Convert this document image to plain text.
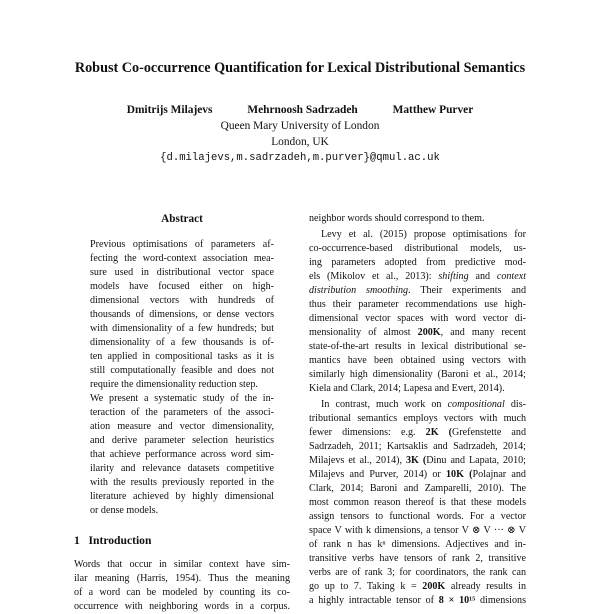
Robust Co-occurrence Quantification for Lexical Distributional Semantics
Dmitrijs Milajevs	Mehrnoosh Sadrzadeh	Matthew Purver
Queen Mary University of London
London, UK
{d.milajevs,m.sadrzadeh,m.purver}@qmul.ac.uk
Abstract
Previous optimisations of parameters af-
fecting the word-context association mea-
sure used in distributional vector space
models have focused either on high-
dimensional vectors with hundreds of
thousands of dimensions, or dense vectors
with dimensionality of a few hundreds; but
dimensionality of a few thousands is of-
ten applied in compositional tasks as it is
still computationally feasible and does not
require the dimensionality reduction step.
We present a systematic study of the in-
teraction of the parameters of the associ-
ation measure and vector dimensionality,
and derive parameter selection heuristics
that achieve performance across word sim-
ilarity and relevance datasets competitive
with the results previously reported in the
literature achieved by highly dimensional
or dense models.
1 Introduction
Words that occur in similar context have sim-
ilar meaning (Harris, 1954). Thus the meaning
of a word can be modeled by counting its co-
occurrence with neighboring words in a corpus.
neighbor words should correspond to them.
Levy et al. (2015) propose optimisations for
co-occurrence-based distributional models, us-
ing parameters adopted from predictive mod-
els (Mikolov et al., 2013): shifting and context
distribution smoothing. Their experiments and
thus their parameter recommendations use high-
dimensional vector spaces with word vector di-
mensionality of almost 200K, and many recent
state-of-the-art results in lexical distributional se-
mantics have been obtained using vectors with
similarly high dimensionality (Baroni et al., 2014;
Kiela and Clark, 2014; Lapesa and Evert, 2014).
In contrast, much work on compositional dis-
tributional semantics employs vectors with much
fewer dimensions: e.g. 2K (Grefenstette and
Sadrzadeh, 2011; Kartsaklis and Sadrzadeh, 2014;
Milajevs et al., 2014), 3K (Dinu and Lapata, 2010;
Milajevs and Purver, 2014) or 10K (Polajnar and
Clark, 2014; Baroni and Zamparelli, 2010). The
most common reason thereof is that these models
assign tensors to functional words. For a vector
space V with k dimensions, a tensor V ⊗ V ··· ⊗ V
of rank n has kⁿ dimensions. Adjectives and in-
transitive verbs have tensors of rank 2, transitive
verbs are of rank 3; for coordinators, the rank can
go up to 7. Taking k = 200K already results in
a highly intractable tensor of 8 × 10¹⁵ dimensions
